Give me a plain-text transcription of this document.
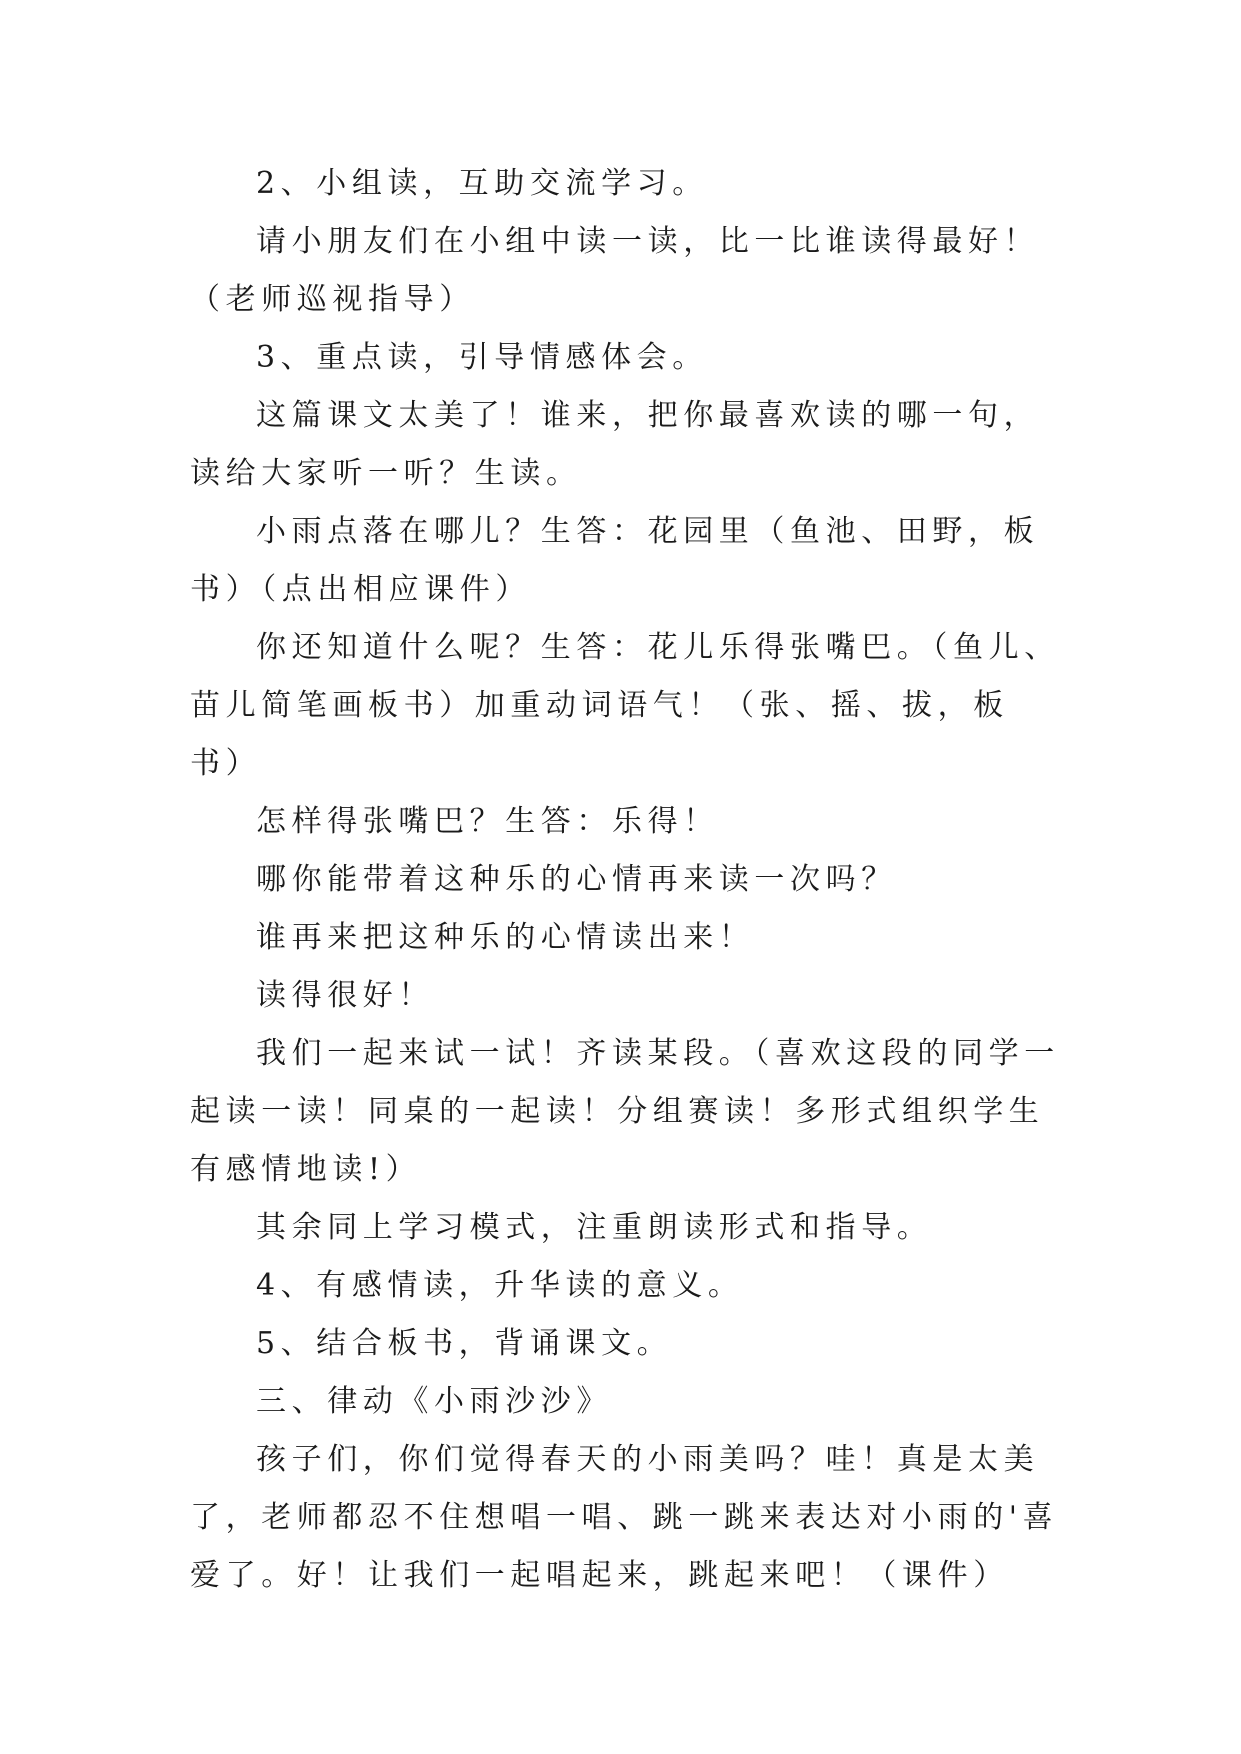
2、小组读，互助交流学习。

请小朋友们在小组中读一读，比一比谁读得最好！（老师巡视指导）

3、重点读，引导情感体会。

这篇课文太美了！谁来，把你最喜欢读的哪一句，读给大家听一听？生读。

小雨点落在哪儿？生答：花园里（鱼池、田野，板书）（点出相应课件）

你还知道什么呢？生答：花儿乐得张嘴巴。（鱼儿、苗儿简笔画板书）加重动词语气！（张、摇、拔，板书）

怎样得张嘴巴？生答：乐得！

哪你能带着这种乐的心情再来读一次吗？

谁再来把这种乐的心情读出来！

读得很好！

我们一起来试一试！齐读某段。（喜欢这段的同学一起读一读！同桌的一起读！分组赛读！多形式组织学生有感情地读!）

其余同上学习模式，注重朗读形式和指导。

4、有感情读，升华读的意义。

5、结合板书，背诵课文。

三、律动《小雨沙沙》

孩子们，你们觉得春天的小雨美吗？哇！真是太美了，老师都忍不住想唱一唱、跳一跳来表达对小雨的'喜爱了。好！让我们一起唱起来，跳起来吧！（课件）
